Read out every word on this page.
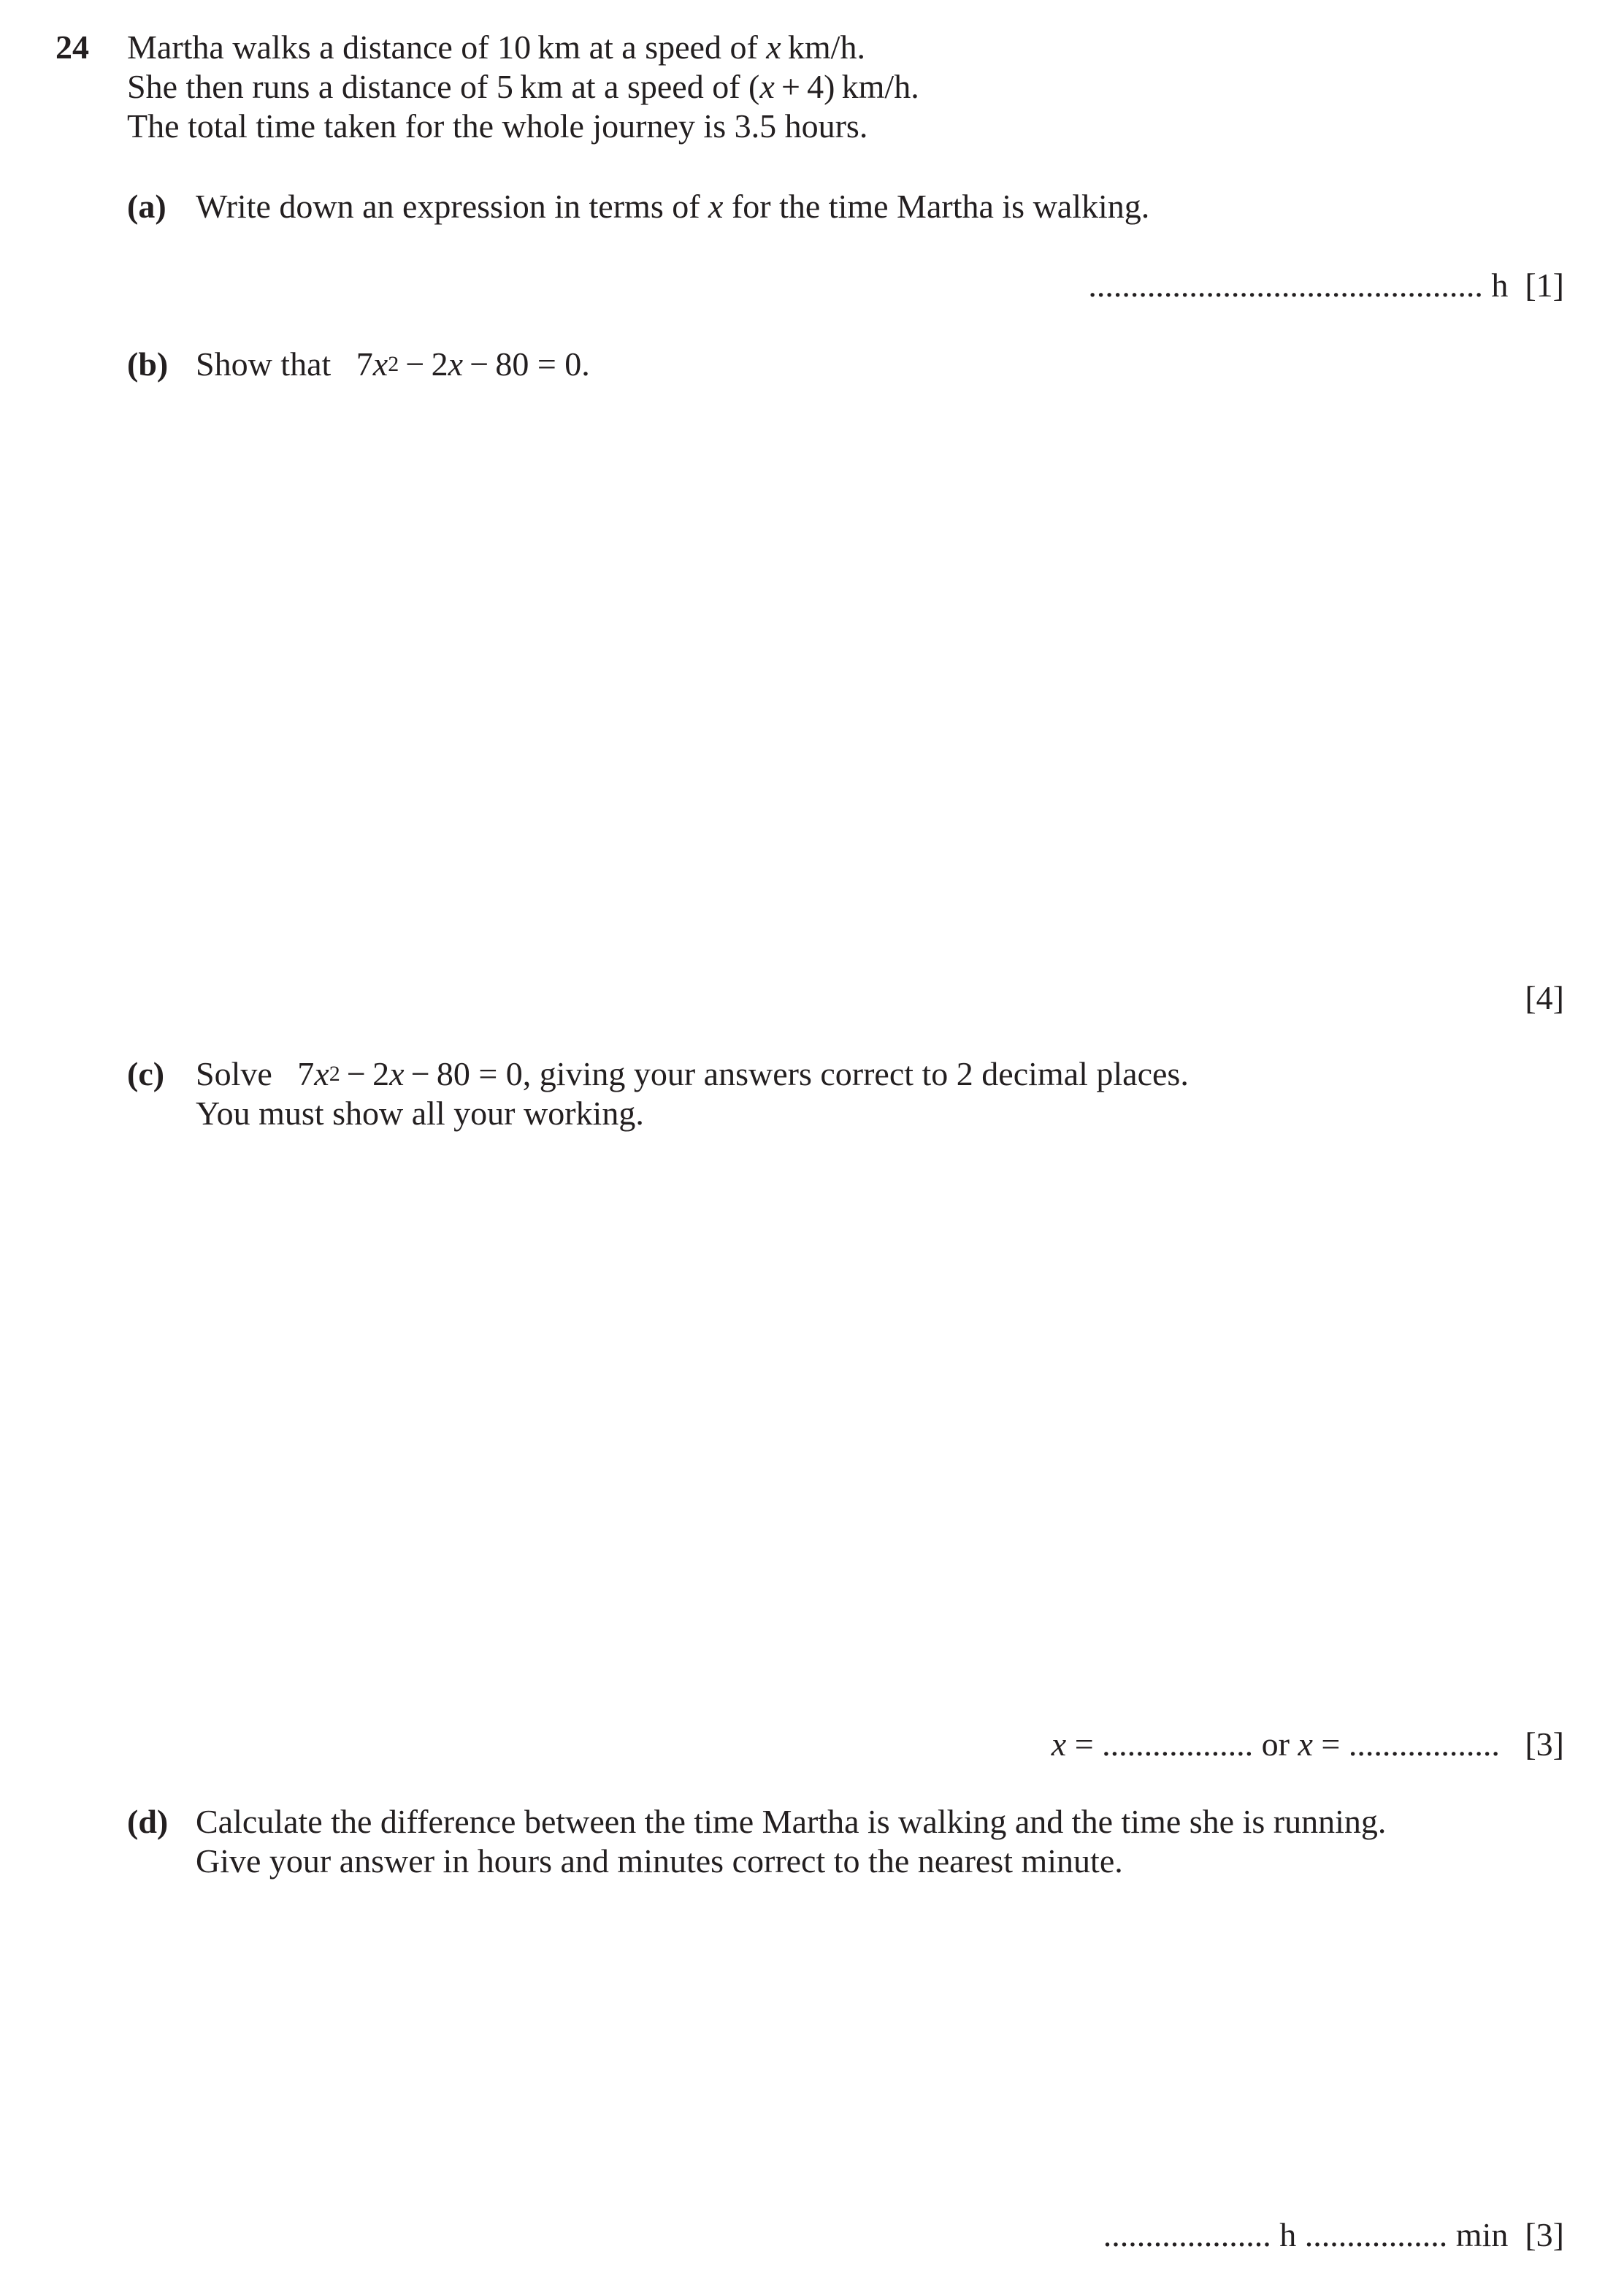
24 Martha walks a distance of 10 km at a speed of x km/h.
She then runs a distance of 5 km at a speed of (x + 4) km/h.
The total time taken for the whole journey is 3.5 hours.
(a) Write down an expression in terms of x for the time Martha is walking.
............................................... h [1]
(b) Show that $7x^2 - 2x - 80 = 0$.
[4]
(c) Solve $7x^2 - 2x - 80 = 0$, giving your answers correct to 2 decimal places.
You must show all your working.
x = .................. or x = .................. [3]
(d) Calculate the difference between the time Martha is walking and the time she is running.
Give your answer in hours and minutes correct to the nearest minute.
.................... h ................. min [3]
